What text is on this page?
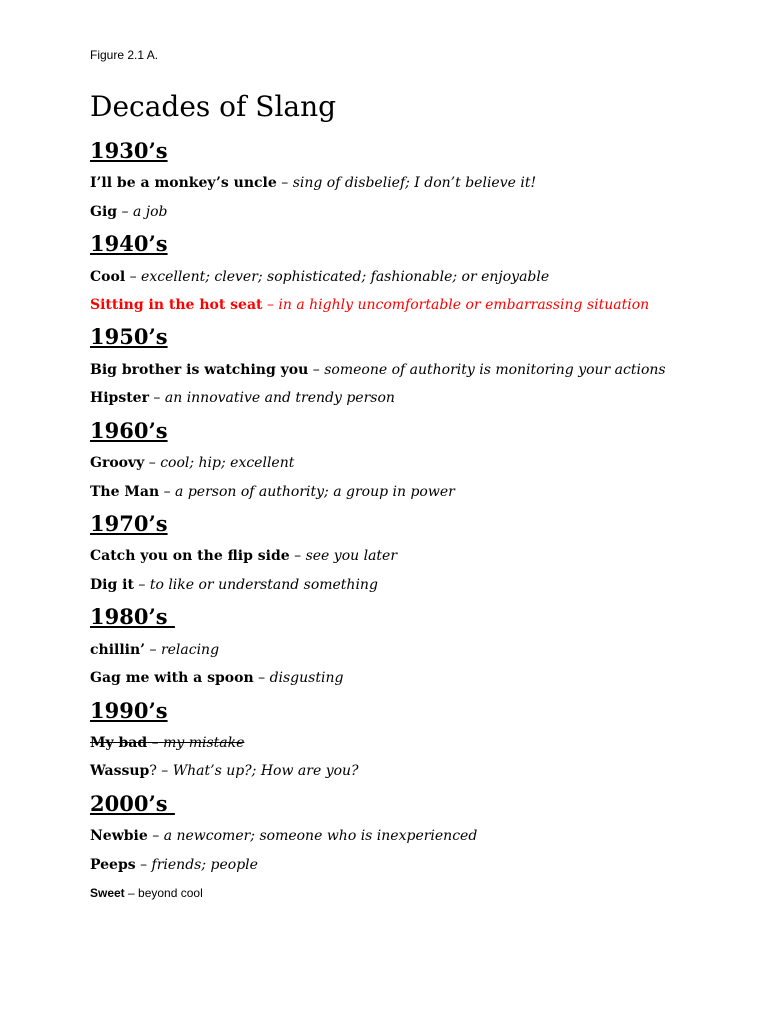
Figure 2.1 A.
Decades of Slang
1930’s
I’ll be a monkey’s uncle – sing of disbelief; I don’t believe it!
Gig – a job
1940’s
Cool – excellent; clever; sophisticated; fashionable; or enjoyable
Sitting in the hot seat – in a highly uncomfortable or embarrassing situation
1950’s
Big brother is watching you – someone of authority is monitoring your actions
Hipster – an innovative and trendy person
1960’s
Groovy – cool; hip; excellent
The Man – a person of authority; a group in power
1970’s
Catch you on the flip side – see you later
Dig it – to like or understand something
1980’s
chillin’ – relacing
Gag me with a spoon – disgusting
1990’s
My bad – my mistake
Wassup? – What’s up?; How are you?
2000’s
Newbie – a newcomer; someone who is inexperienced
Peeps – friends; people
Sweet – beyond cool
